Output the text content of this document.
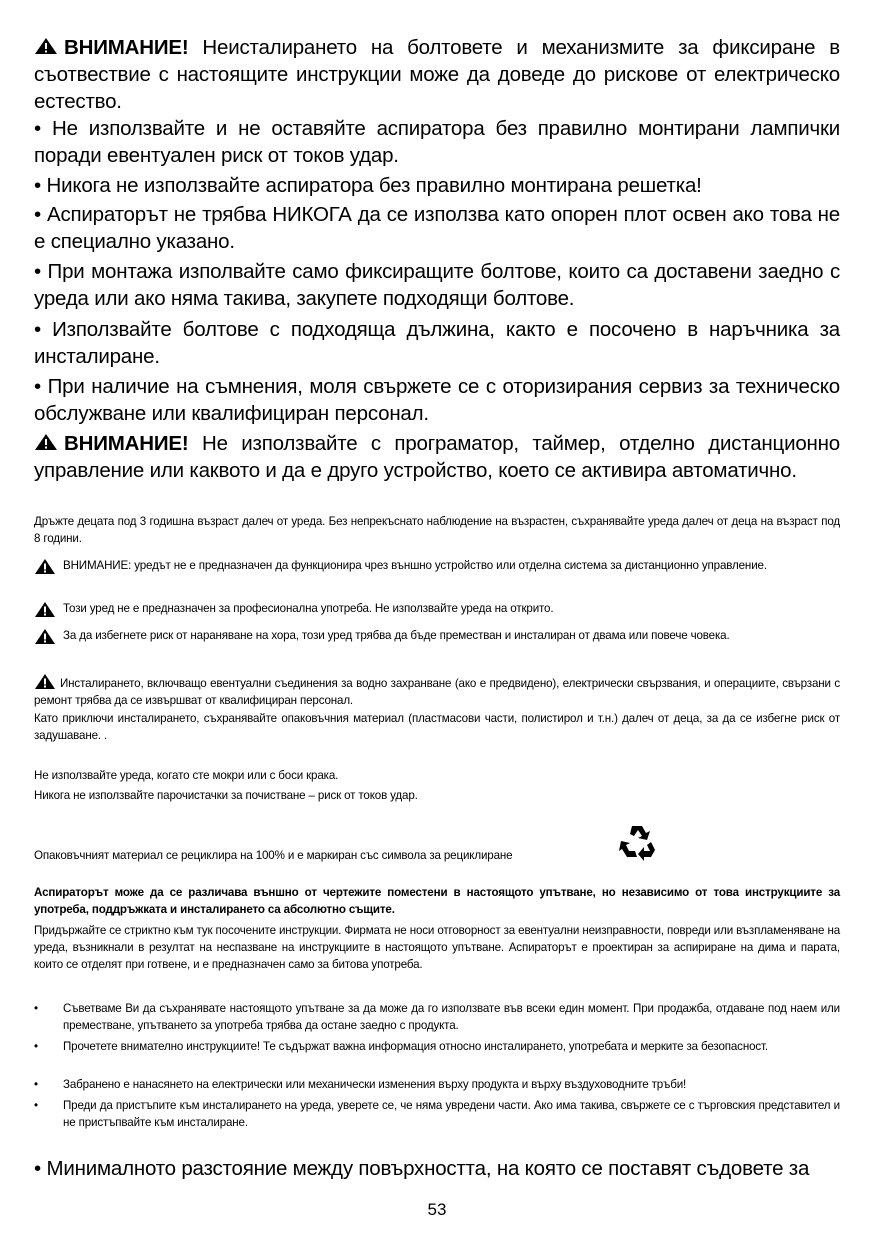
ВНИМАНИЕ! Неисталирането на болтовете и механизмите за фиксиране в съотвествие с настоящите инструкции може да доведе до рискове от електрическо естество.

• Не използвайте и не оставяйте аспиратора без правилно монтирани лампички поради евентуален риск от токов удар.

• Никога не използвайте аспиратора без правилно монтирана решетка!

• Аспираторът не трябва НИКОГА да се използва като опорен плот освен ако това не е специално указано.

• При монтажа изполвайте само фиксиращите болтове, които са доставени заедно с уреда или ако няма такива, закупете подходящи болтове.

• Използвайте болтове с подходяща дължина, както е посочено в наръчника за инсталиране.

• При наличие на съмнения, моля свържете се с оторизирания сервиз за техническо обслужване или квалифициран персонал.

ВНИМАНИЕ! Не използвайте с програматор, таймер, отделно дистанционно управление или каквото и да е друго устройство, което се активира автоматично.

Дръжте децата под 3 годишна възраст далеч от уреда. Без непрекъснато наблюдение на възрастен, съхранявайте уреда далеч от деца на възраст под 8 години.

ВНИМАНИЕ: уредът не е предназначен да функционира чрез външно устройство или отделна система за дистанционно управление.
Този уред не е предназначен за професионална употреба. Не използвайте уреда на открито.
За да избегнете риск от нараняване на хора, този уред трябва да бъде преместван и инсталиран от двама или повече човека.

Инсталирането, включващо евентуални съединения за водно захранване (ако е предвидено), електрически свързвания, и операциите, свързани с ремонт трябва да се извършват от квалифициран персонал.

Като приключи инсталирането, съхранявайте опаковъчния материал (пластмасови части, полистирол и т.н.) далеч от деца, за да се избегне риск от задушаване. .

Не използвайте уреда, когато сте мокри или с боси крака.

Никога не използвайте парочистачки за почистване – риск от токов удар.

Опаковъчният материал се рециклира на 100% и е маркиран със символа за рециклиране

Аспираторът може да се различава външно от чертежите поместени в настоящото упътване, но независимо от това инструкциите за употреба, поддръжката и инсталирането са абсолютно същите.

Придържайте се стриктно към тук посочените инструкции. Фирмата не носи отговорност за евентуални неизправности, повреди или възпламеняване на уреда, възникнали в резултат на неспазване на инструкциите в настоящото упътване. Аспираторът е проектиран за аспириране на дима и парата, които се отделят при готвене, и е предназначен само за битова употреба.

•	Съветваме Ви да съхранявате настоящото упътване за да може да го използвате във всеки един момент. При продажба, отдаване под наем или преместване, упътването за употреба трябва да остане заедно с продукта.
•	Прочетете внимателно инструкциите! Те съдържат важна информация относно инсталирането, употребата и мерките за безопасност.
•	Забранено е нанасянето на електрически или механически изменения върху продукта и върху въздуховодните тръби!
•	Преди да пристъпите към инсталирането на уреда, уверете се, че няма увредени части. Ако има такива, свържете се с търговския представител и не пристъпвайте към инсталиране.

• Минималното разстояние между повърхността, на която се поставят съдовете за

53
